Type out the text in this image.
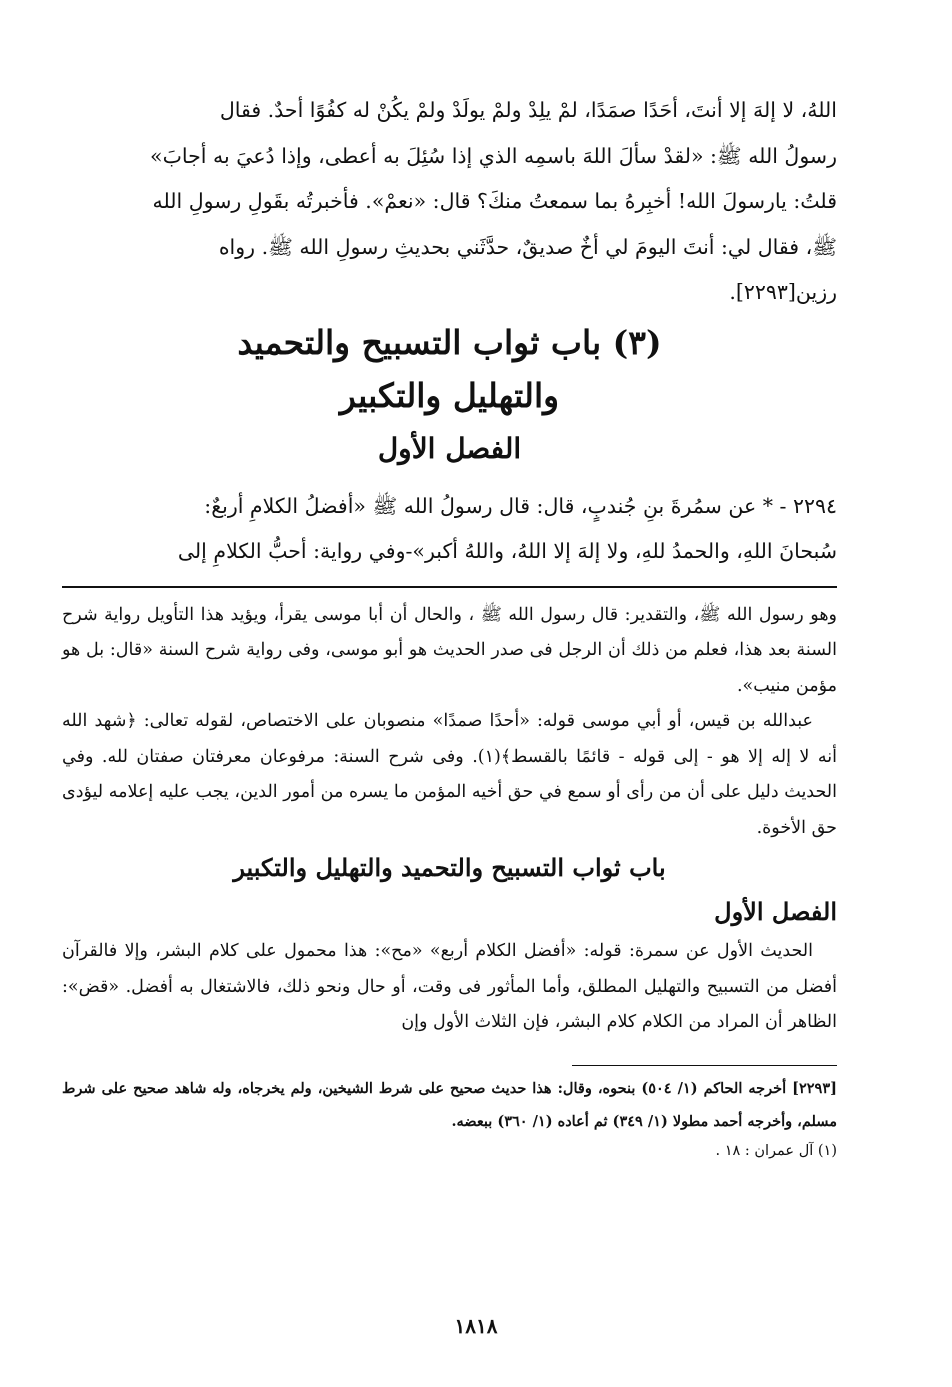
اللهُ، لا إلهَ إلا أنتَ، أحَدًا صمَدًا، لمْ يلِدْ ولمْ يولَدْ ولمْ يكُنْ له كفُوًا أحدٌ. فقال

رسولُ الله ﷺ: «لقدْ سألَ اللهَ باسمِه الذي إذا سُئِلَ به أعطى، وإذا دُعيَ به أجابَ»

قلتُ: يارسولَ الله! أخبِرهُ بما سمعتُ منكَ؟ قال: «نعمْ». فأخبرتُه بقَولِ رسولِ الله

ﷺ، فقال لي: أنتَ اليومَ لي أخٌ صديقٌ، حدَّثَني بحديثِ رسولِ الله ﷺ. رواه

رزين[٢٢٩٣].

(٣) باب ثواب التسبيح والتحميد
والتهليل والتكبير
الفصل الأول

٢٢٩٤ - * عن سمُرةَ بنِ جُندبٍ، قال: قال رسولُ الله ﷺ «أفضلُ الكلامِ أربعٌ:

سُبحانَ اللهِ، والحمدُ للهِ، ولا إلهَ إلا اللهُ، واللهُ أكبر»-وفي رواية: أحبُّ الكلامِ إلى

وهو رسول الله ﷺ، والتقدير: قال رسول الله ﷺ ، والحال أن أبا موسى يقرأ، ويؤيد هذا التأويل رواية شرح السنة بعد هذا، فعلم من ذلك أن الرجل فى صدر الحديث هو أبو موسى، وفى رواية شرح السنة «قال: بل هو مؤمن منيب».

عبدالله بن قيس، أو أبي موسى قوله: «أحدًا صمدًا» منصوبان على الاختصاص، لقوله تعالى: ﴿شهد الله أنه لا إله إلا هو - إلى قوله - قائمًا بالقسط﴾(١). وفى شرح السنة: مرفوعان معرفتان صفتان لله. وفي الحديث دليل على أن من رأى أو سمع في حق أخيه المؤمن ما يسره من أمور الدين، يجب عليه إعلامه ليؤدى حق الأخوة.

باب ثواب التسبيح والتحميد والتهليل والتكبير
الفصل الأول

الحديث الأول عن سمرة: قوله: «أفضل الكلام أربع» «مح»: هذا محمول على كلام البشر، وإلا فالقرآن أفضل من التسبيح والتهليل المطلق، وأما المأثور فى وقت، أو حال ونحو ذلك، فالاشتغال به أفضل. «قض»: الظاهر أن المراد من الكلام كلام البشر، فإن الثلاث الأول وإن

[٢٢٩٣] أخرجه الحاكم (١/ ٥٠٤) بنحوه، وقال: هذا حديث صحيح على شرط الشيخين، ولم يخرجاه، وله شاهد صحيح على شرط مسلم، وأخرجه أحمد مطولا (١/ ٣٤٩) ثم أعاده (١/ ٣٦٠) ببعضه.

(١) آل عمران : ١٨ .

١٨١٨
